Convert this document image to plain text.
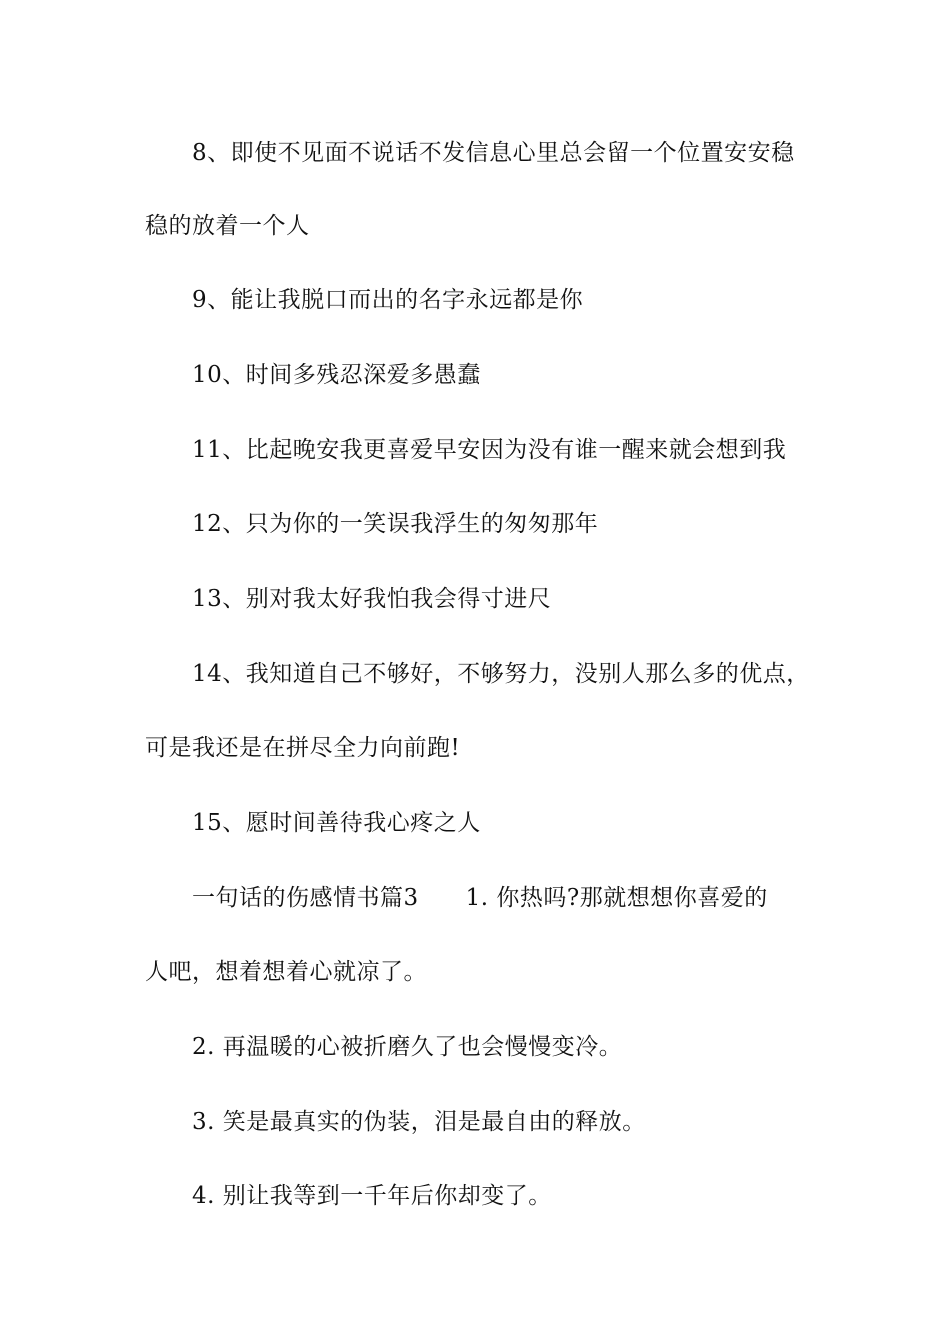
8、即使不见面不说话不发信息心里总会留一个位置安安稳
稳的放着一个人
9、能让我脱口而出的名字永远都是你
10、时间多残忍深爱多愚蠢
11、比起晚安我更喜爱早安因为没有谁一醒来就会想到我
12、只为你的一笑误我浮生的匆匆那年
13、别对我太好我怕我会得寸进尺
14、我知道自己不够好，不够努力，没别人那么多的优点，
可是我还是在拼尽全力向前跑!
15、愿时间善待我心疼之人
一句话的伤感情书篇3　　1. 你热吗?那就想想你喜爱的
人吧，想着想着心就凉了。
2. 再温暖的心被折磨久了也会慢慢变冷。
3. 笑是最真实的伪装，泪是最自由的释放。
4. 别让我等到一千年后你却变了。
